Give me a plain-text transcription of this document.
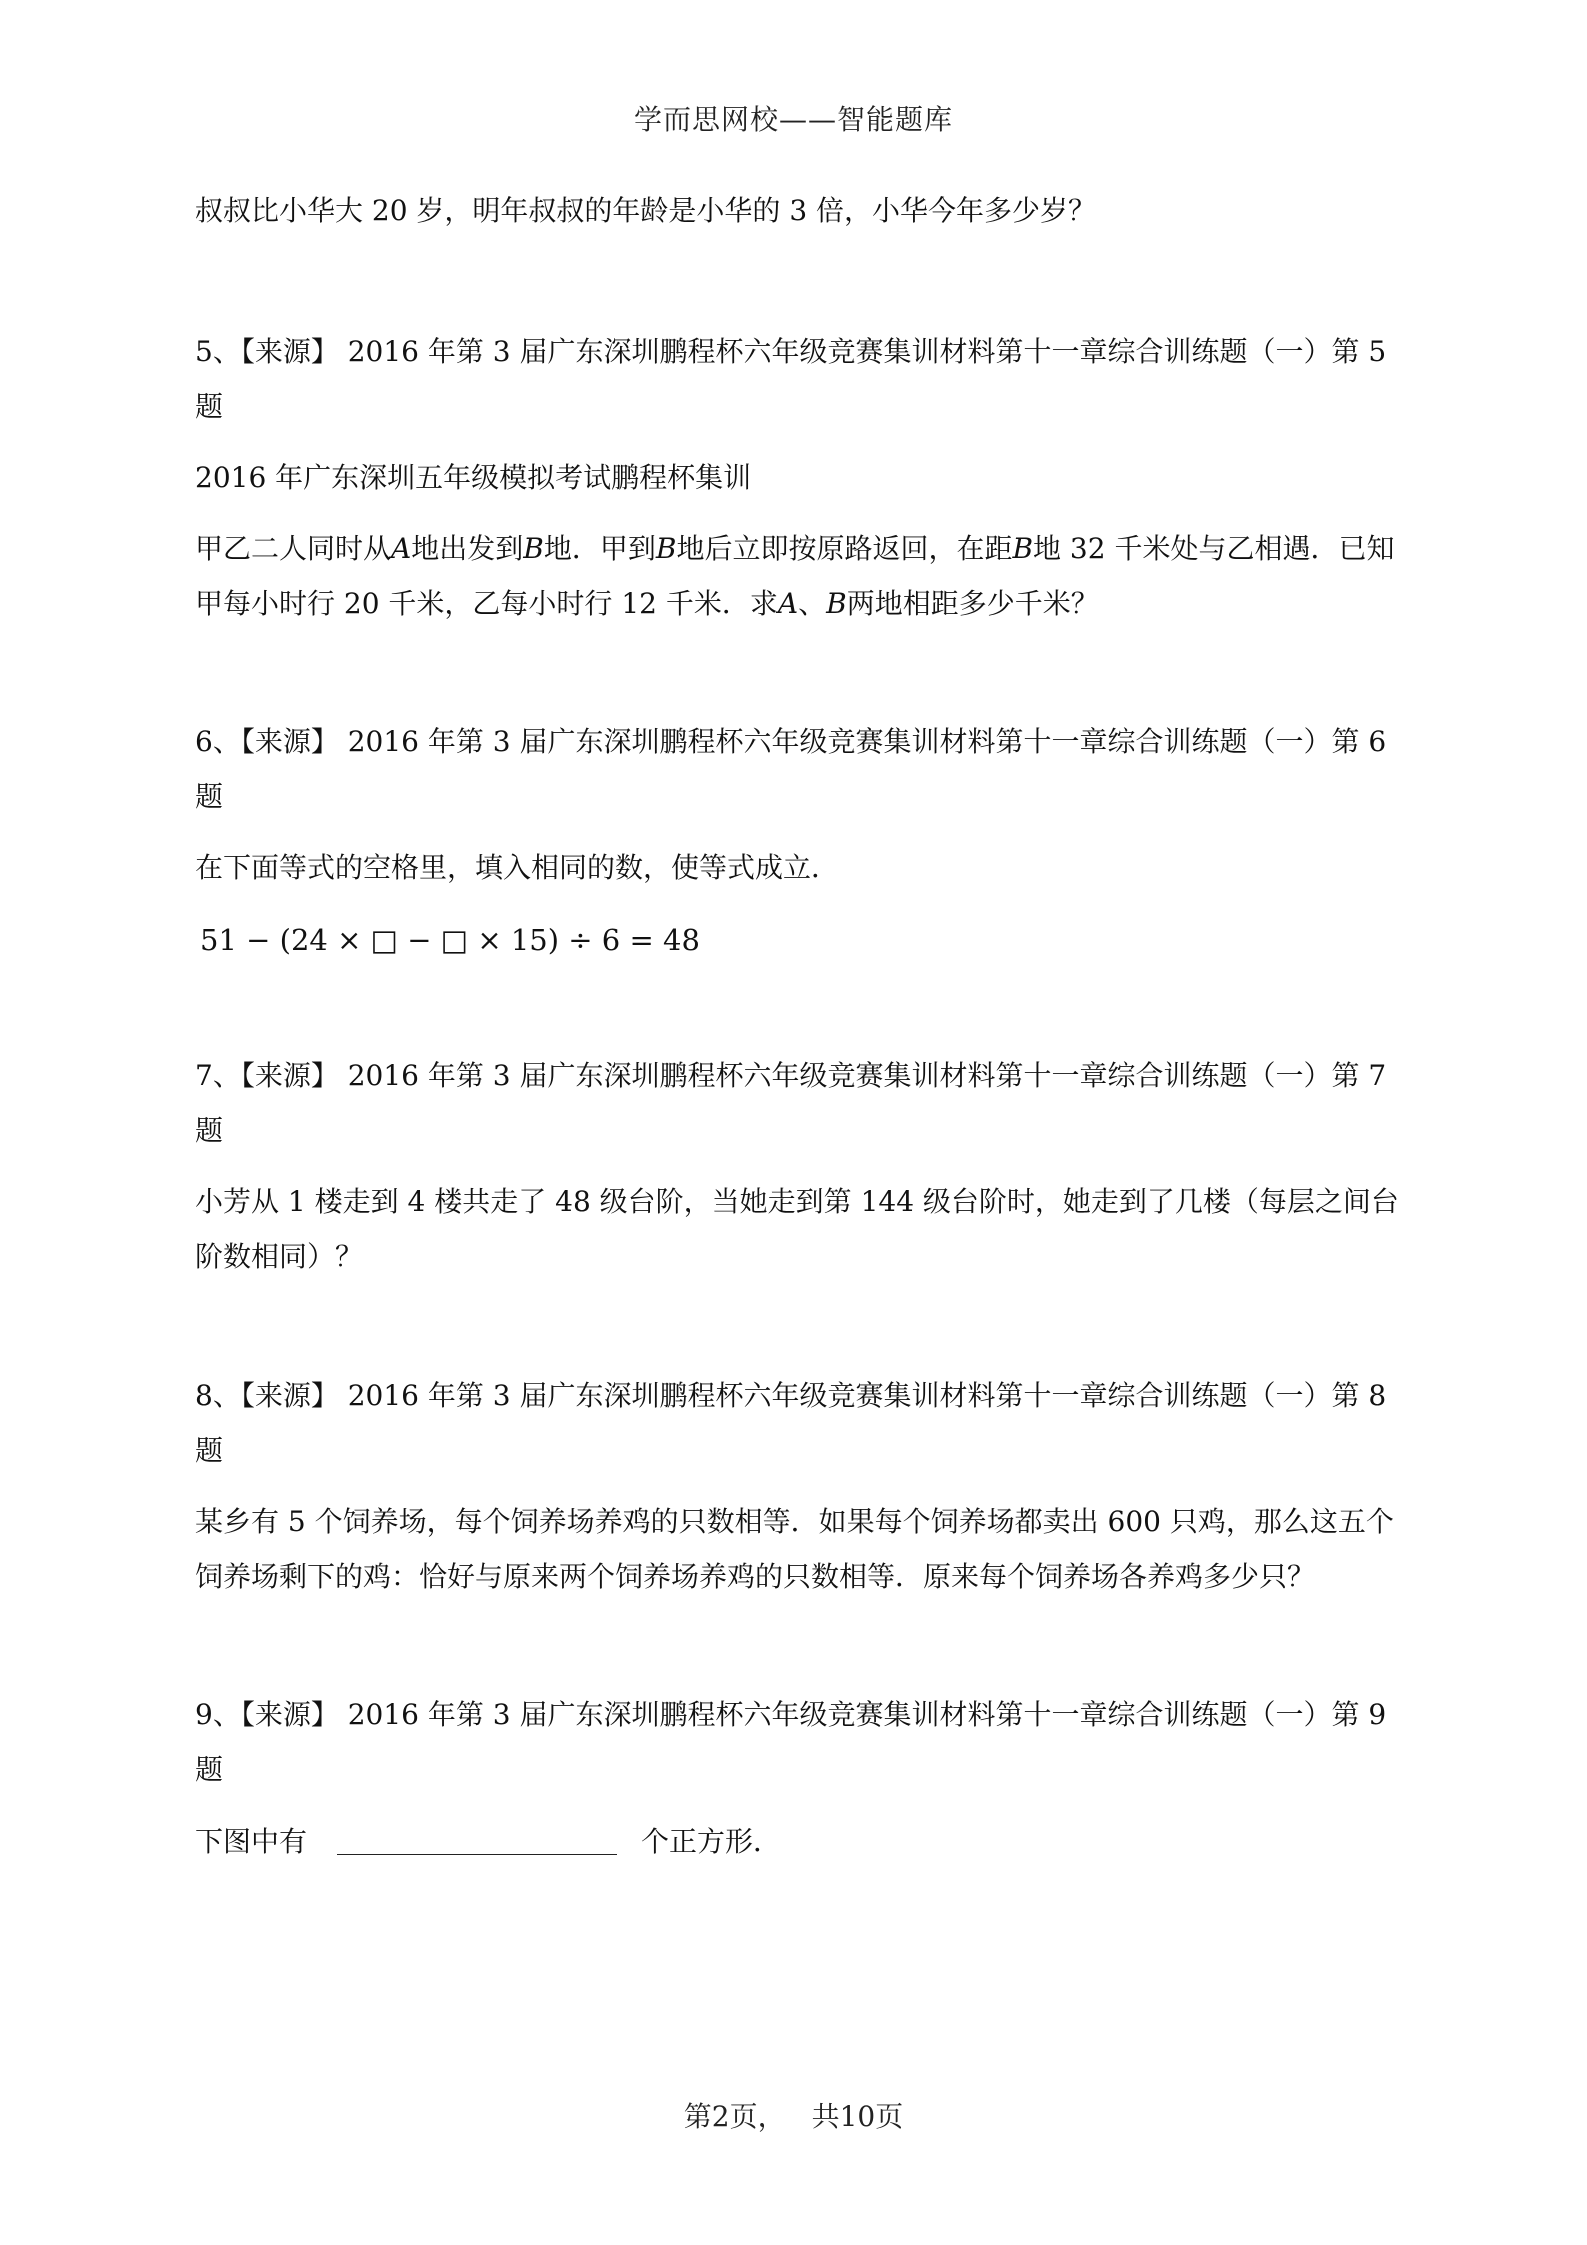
学而思网校——智能题库
叔叔比小华大 20 岁，明年叔叔的年龄是小华的 3 倍，小华今年多少岁？
5、【来源】 2016 年第 3 届广东深圳鹏程杯六年级竞赛集训材料第十一章综合训练题（一）第 5
题
2016 年广东深圳五年级模拟考试鹏程杯集训
甲乙二人同时从A地出发到B地．甲到B地后立即按原路返回，在距B地 32 千米处与乙相遇．已知
甲每小时行 20 千米，乙每小时行 12 千米．求A、B两地相距多少千米？
6、【来源】 2016 年第 3 届广东深圳鹏程杯六年级竞赛集训材料第十一章综合训练题（一）第 6
题
在下面等式的空格里，填入相同的数，使等式成立．
51 − (24 × □ − □ × 15) ÷ 6 = 48
7、【来源】 2016 年第 3 届广东深圳鹏程杯六年级竞赛集训材料第十一章综合训练题（一）第 7
题
小芳从 1 楼走到 4 楼共走了 48 级台阶，当她走到第 144 级台阶时，她走到了几楼（每层之间台
阶数相同）？
8、【来源】 2016 年第 3 届广东深圳鹏程杯六年级竞赛集训材料第十一章综合训练题（一）第 8
题
某乡有 5 个饲养场，每个饲养场养鸡的只数相等．如果每个饲养场都卖出 600 只鸡，那么这五个
饲养场剩下的鸡：恰好与原来两个饲养场养鸡的只数相等．原来每个饲养场各养鸡多少只？
9、【来源】 2016 年第 3 届广东深圳鹏程杯六年级竞赛集训材料第十一章综合训练题（一）第 9
题
下图中有	个正方形．
第2页， 共10页
